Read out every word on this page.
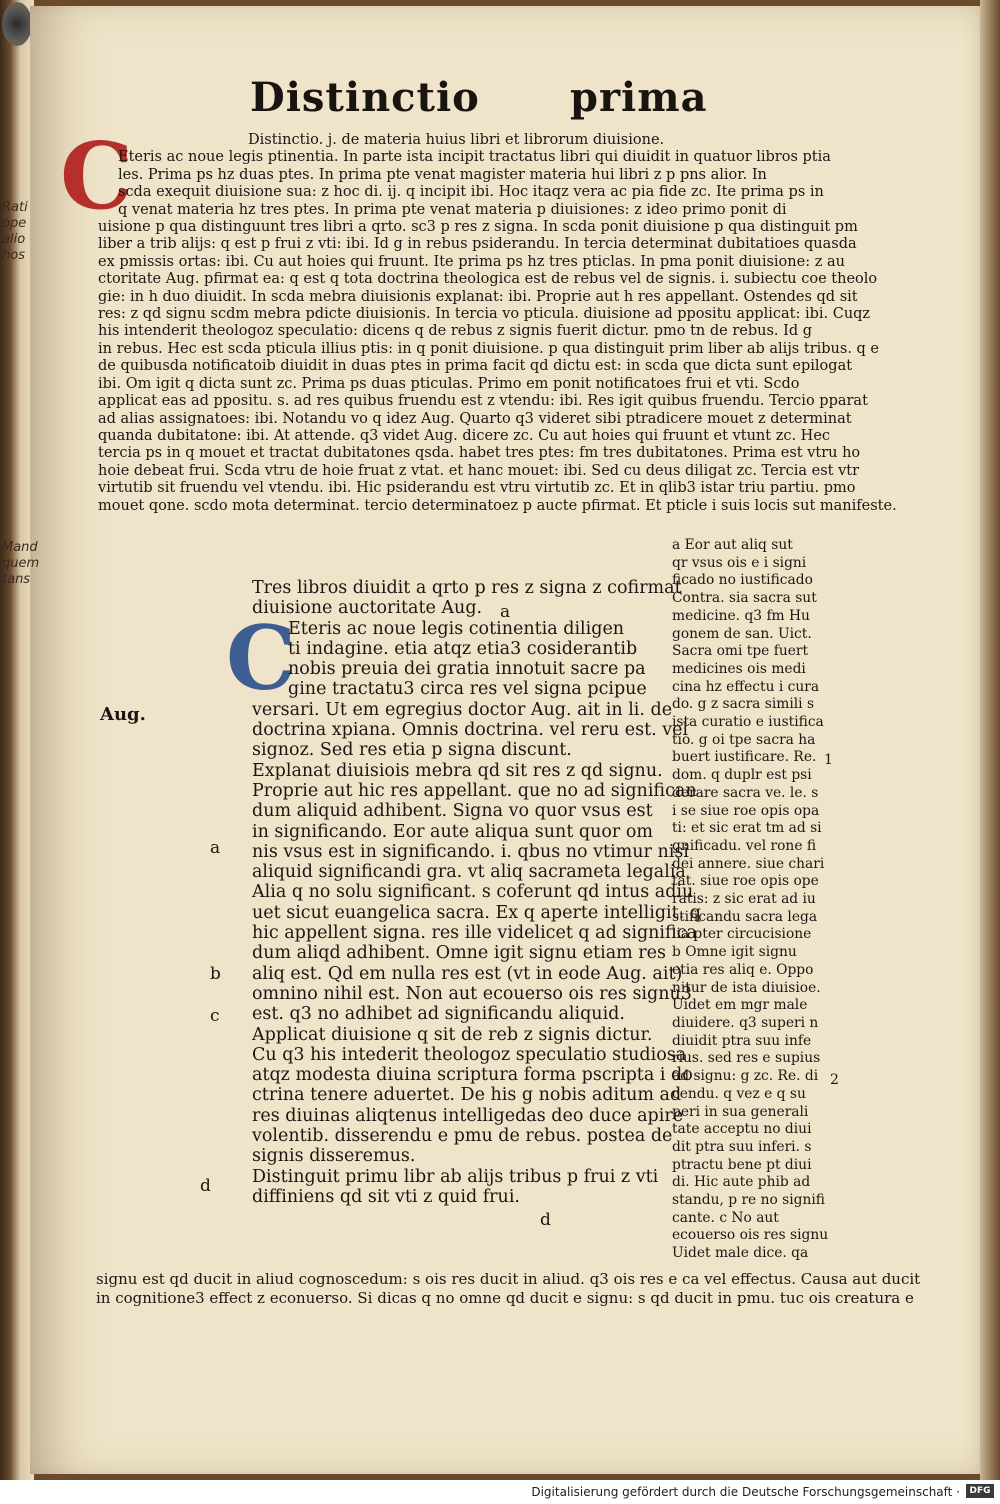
Distinctio prima
C	Distinctio. j. de materia huius libri et librorum diuisione.
Eteris ac noue legis ptinentia. In parte ista incipit tractatus libri qui diuidit in quatuor libros ptia
les. Prima ps hz duas ptes. In prima pte venat magister materia hui libri z p pns alior. In
scda exequit diuisione sua: z hoc di. ij. q incipit ibi. Hoc itaqz vera ac pia fide zc. Ite prima ps in
q venat materia hz tres ptes. In prima pte venat materia p diuisiones: z ideo primo ponit di
uisione p qua distinguunt tres libri a qrto. sc3 p res z signa. In scda ponit diuisione p qua distinguit pm
liber a trib alijs: q est p frui z vti: ibi. Id g in rebus psiderandu. In tercia determinat dubitatioes quasda
ex pmissis ortas: ibi. Cu aut hoies qui fruunt. Ite prima ps hz tres pticlas. In pma ponit diuisione: z au
ctoritate Aug. pfirmat ea: q est q tota doctrina theologica est de rebus vel de signis. i. subiectu coe theolo
gie: in h duo diuidit. In scda mebra diuisionis explanat: ibi. Proprie aut h res appellant. Ostendes qd sit
res: z qd signu scdm mebra pdicte diuisionis. In tercia vo pticula. diuisione ad ppositu applicat: ibi. Cuqz
his intenderit theologoz speculatio: dicens q de rebus z signis fuerit dictur. pmo tn de rebus. Id g
in rebus. Hec est scda pticula illius ptis: in q ponit diuisione. p qua distinguit prim liber ab alijs tribus. q e
de quibusda notificatoib diuidit in duas ptes in prima facit qd dictu est: in scda que dicta sunt epilogat
ibi. Om igit q dicta sunt zc. Prima ps duas pticulas. Primo em ponit notificatoes frui et vti. Scdo
applicat eas ad ppositu. s. ad res quibus fruendu est z vtendu: ibi. Res igit quibus fruendu. Tercio pparat
ad alias assignatoes: ibi. Notandu vo q idez Aug. Quarto q3 videret sibi ptradicere mouet z determinat
quanda dubitatone: ibi. At attende. q3 videt Aug. dicere zc. Cu aut hoies qui fruunt et vtunt zc. Hec
tercia ps in q mouet et tractat dubitatones qsda. habet tres ptes: fm tres dubitatones. Prima est vtru ho
hoie debeat frui. Scda vtru de hoie fruat z vtat. et hanc mouet: ibi. Sed cu deus diligat zc. Tercia est vtr
virtutib sit fruendu vel vtendu. ibi. Hic psiderandu est vtru virtutib zc. Et in qlib3 istar triu partiu. pmo
mouet qone. scdo mota determinat. tercio determinatoez p aucte pfirmat. Et pticle i suis locis sut manifeste.
C
Tres libros diuidit a qrto p res z signa z cofirmat
diuisione auctoritate Aug.
Eteris ac noue legis cotinentia diligen
ti indagine. etia atqz etia3 cosiderantib
nobis preuia dei gratia innotuit sacre pa
gine tractatu3 circa res vel signa pcipue
versari. Ut em egregius doctor Aug. ait in li. de
doctrina xpiana. Omnis doctrina. vel reru est. vel
signoz. Sed res etia p signa discunt.
Explanat diuisiois mebra qd sit res z qd signu.
Proprie aut hic res appellant. que no ad significan
dum aliquid adhibent. Signa vo quor vsus est
in significando. Eor aute aliqua sunt quor om
nis vsus est in significando. i. qbus no vtimur nisi
aliquid significandi gra. vt aliq sacrameta legalia
Alia q no solu significant. s coferunt qd intus adiu
uet sicut euangelica sacra. Ex q aperte intelligit. q
hic appellent signa. res ille videlicet q ad significa
dum aliqd adhibent. Omne igit signu etiam res
aliq est. Qd em nulla res est (vt in eode Aug. ait)
omnino nihil est. Non aut ecouerso ois res signu3
est. q3 no adhibet ad significandu aliquid.
Applicat diuisione q sit de reb z signis dictur.
Cu q3 his intederit theologoz speculatio studiosa
atqz modesta diuina scriptura forma pscripta i do
ctrina tenere aduertet. De his g nobis aditum ad
res diuinas aliqtenus intelligedas deo duce apire
volentib. disserendu e pmu de rebus. postea de
signis disseremus.
Distinguit primu libr ab alijs tribus p frui z vti
diffiniens qd sit vti z quid frui.
a Eor aut aliq sut
qr vsus ois e i signi
ficado no iustificado
Contra. sia sacra sut
medicine. q3 fm Hu
gonem de san. Uict.
Sacra omi tpe fuert
medicines ois medi
cina hz effectu i cura
do. g z sacra simili s
ista curatio e iustifica
tio. g oi tpe sacra ha
buert iustificare. Re.
dom. q duplr est psi
derare sacra ve. le. s
i se siue roe opis opa
ti: et sic erat tm ad si
gnificadu. vel rone fi
dei annere. siue chari
tat. siue roe opis ope
ratis: z sic erat ad iu
stificandu sacra lega
lia pter circucisione
b Omne igit signu
etia res aliq e. Oppo
nitur de ista diuisioe.
Uidet em mgr male
diuidere. q3 superi n
diuidit ptra suu infe
rius. sed res e supius
ad signu: g zc. Re. di
cendu. q vez e q su
peri in sua generali
tate acceptu no diui
dit ptra suu inferi. s
ptractu bene pt diui
di. Hic aute phib ad
standu, p re no signifi
cante. c No aut
ecouerso ois res signu
Uidet male dice. qa
signu est qd ducit in aliud cognoscedum: s ois res ducit in aliud. q3 ois res e ca vel effectus. Causa aut ducit
in cognitione3 effect z econuerso. Si dicas q no omne qd ducit e signu: s qd ducit in pmu. tuc ois creatura e
Aug.
a
a
b
c
d
d
1
2
Rati
ope
alio
hos
Mand
quem
tans
Digitalisierung gefördert durch die Deutsche Forschungsgemeinschaft ·	DFG
